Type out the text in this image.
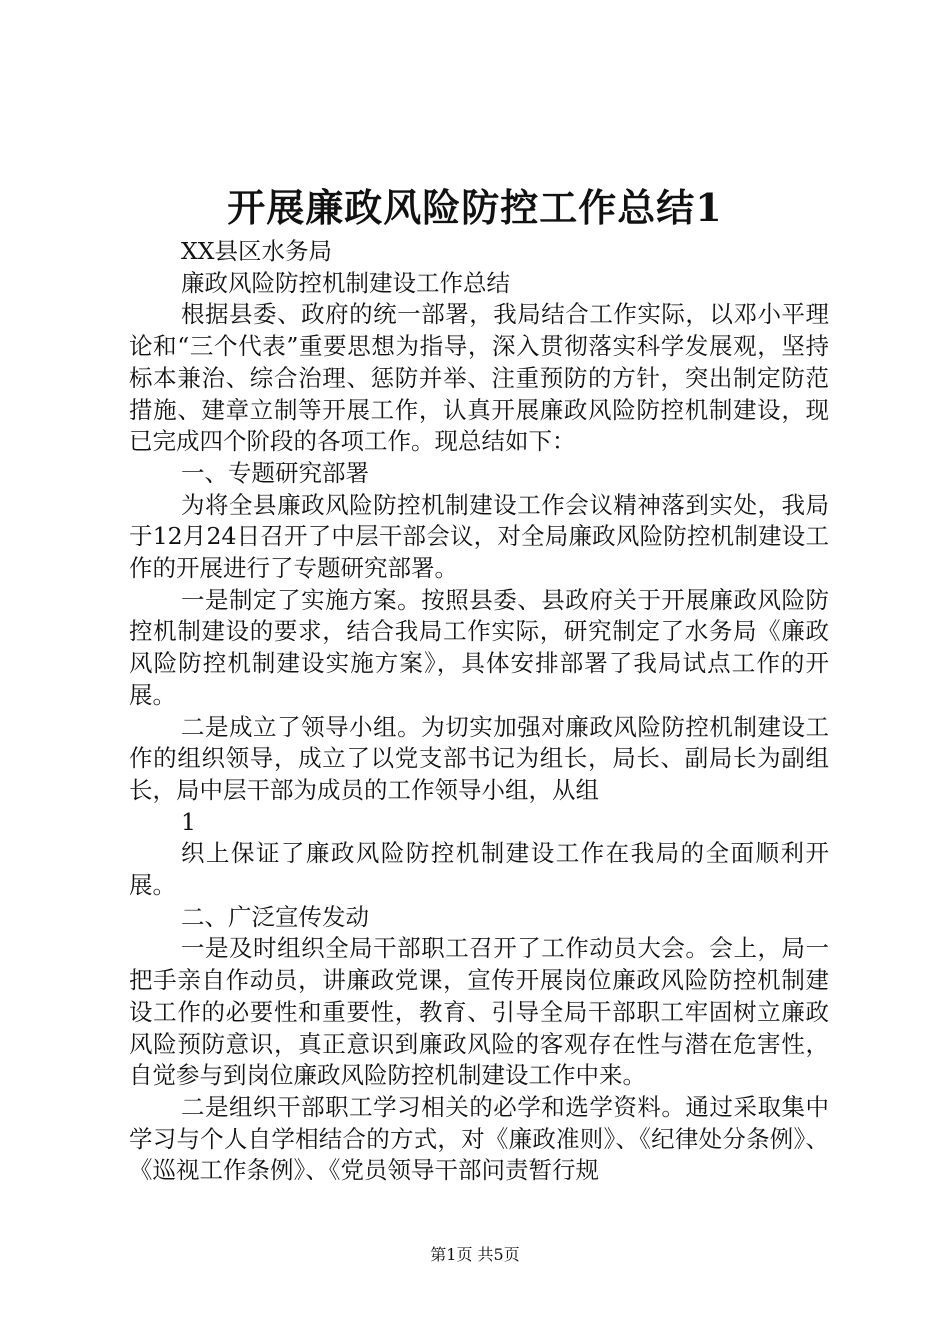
开展廉政风险防控工作总结1

XX县区水务局

廉政风险防控机制建设工作总结

根据县委、政府的统一部署，我局结合工作实际，以邓小平理论和“三个代表”重要思想为指导，深入贯彻落实科学发展观，坚持标本兼治、综合治理、惩防并举、注重预防的方针，突出制定防范措施、建章立制等开展工作，认真开展廉政风险防控机制建设，现已完成四个阶段的各项工作。现总结如下：

一、专题研究部署

为将全县廉政风险防控机制建设工作会议精神落到实处，我局于12月24日召开了中层干部会议，对全局廉政风险防控机制建设工作的开展进行了专题研究部署。

一是制定了实施方案。按照县委、县政府关于开展廉政风险防控机制建设的要求，结合我局工作实际，研究制定了水务局《廉政风险防控机制建设实施方案》，具体安排部署了我局试点工作的开展。

二是成立了领导小组。为切实加强对廉政风险防控机制建设工作的组织领导，成立了以党支部书记为组长，局长、副局长为副组长，局中层干部为成员的工作领导小组，从组

1

织上保证了廉政风险防控机制建设工作在我局的全面顺利开展。

二、广泛宣传发动

一是及时组织全局干部职工召开了工作动员大会。会上，局一把手亲自作动员，讲廉政党课，宣传开展岗位廉政风险防控机制建设工作的必要性和重要性，教育、引导全局干部职工牢固树立廉政风险预防意识，真正意识到廉政风险的客观存在性与潜在危害性，自觉参与到岗位廉政风险防控机制建设工作中来。

二是组织干部职工学习相关的必学和选学资料。通过采取集中学习与个人自学相结合的方式，对《廉政准则》、《纪律处分条例》、《巡视工作条例》、《党员领导干部问责暂行规

第1页 共5页
